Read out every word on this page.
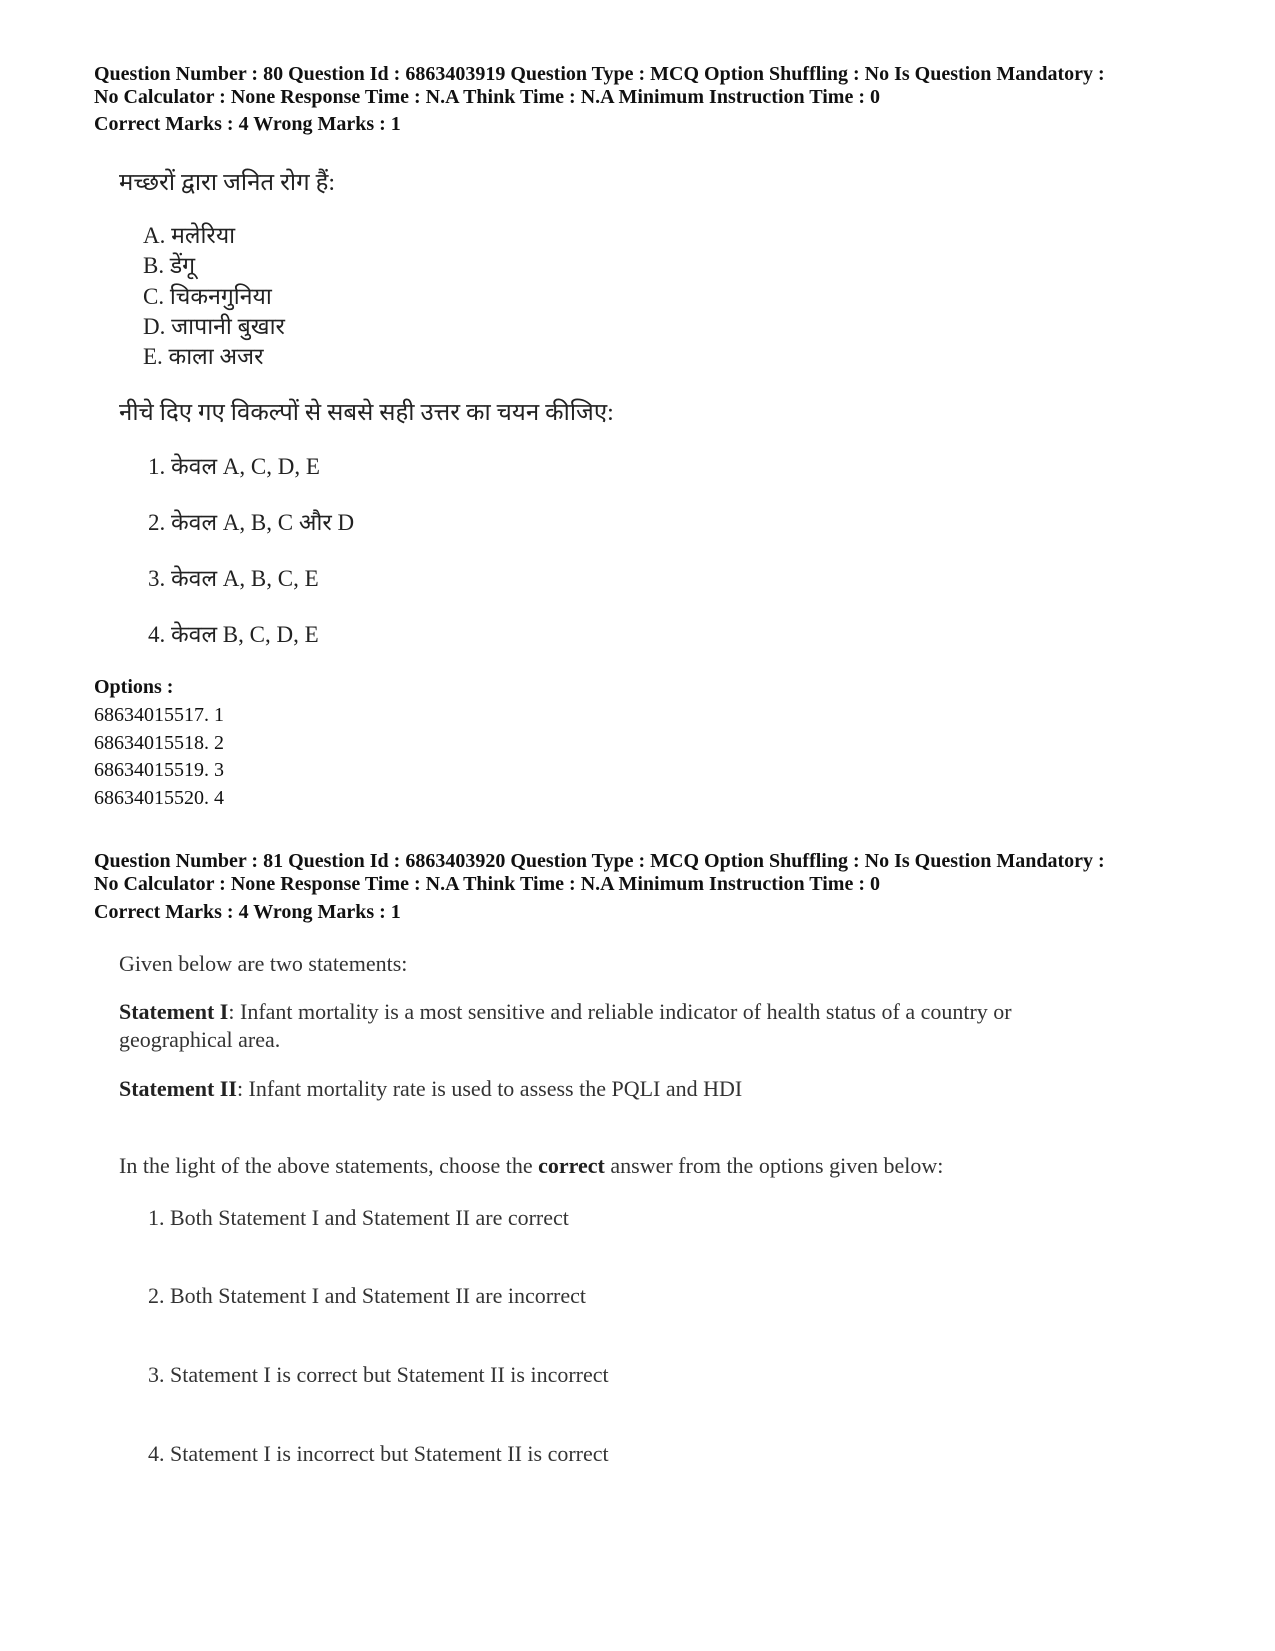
Question Number : 80 Question Id : 6863403919 Question Type : MCQ Option Shuffling : No Is Question Mandatory :
No Calculator : None Response Time : N.A Think Time : N.A Minimum Instruction Time : 0
Correct Marks : 4 Wrong Marks : 1
मच्छरों द्वारा जनित रोग हैं:
A. मलेरिया
B. डेंगू
C. चिकनगुनिया
D. जापानी बुखार
E. काला अजर
नीचे दिए गए विकल्पों से सबसे सही उत्तर का चयन कीजिए:
1. केवल A, C, D, E
2. केवल A, B, C और D
3. केवल A, B, C, E
4. केवल B, C, D, E
Options :
68634015517. 1
68634015518. 2
68634015519. 3
68634015520. 4
Question Number : 81 Question Id : 6863403920 Question Type : MCQ Option Shuffling : No Is Question Mandatory :
No Calculator : None Response Time : N.A Think Time : N.A Minimum Instruction Time : 0
Correct Marks : 4 Wrong Marks : 1
Given below are two statements:
Statement I: Infant mortality is a most sensitive and reliable indicator of health status of a country or geographical area.
Statement II: Infant mortality rate is used to assess the PQLI and HDI
In the light of the above statements, choose the correct answer from the options given below:
1. Both Statement I and Statement II are correct
2. Both Statement I and Statement II are incorrect
3. Statement I is correct but Statement II is incorrect
4. Statement I is incorrect but Statement II is correct
